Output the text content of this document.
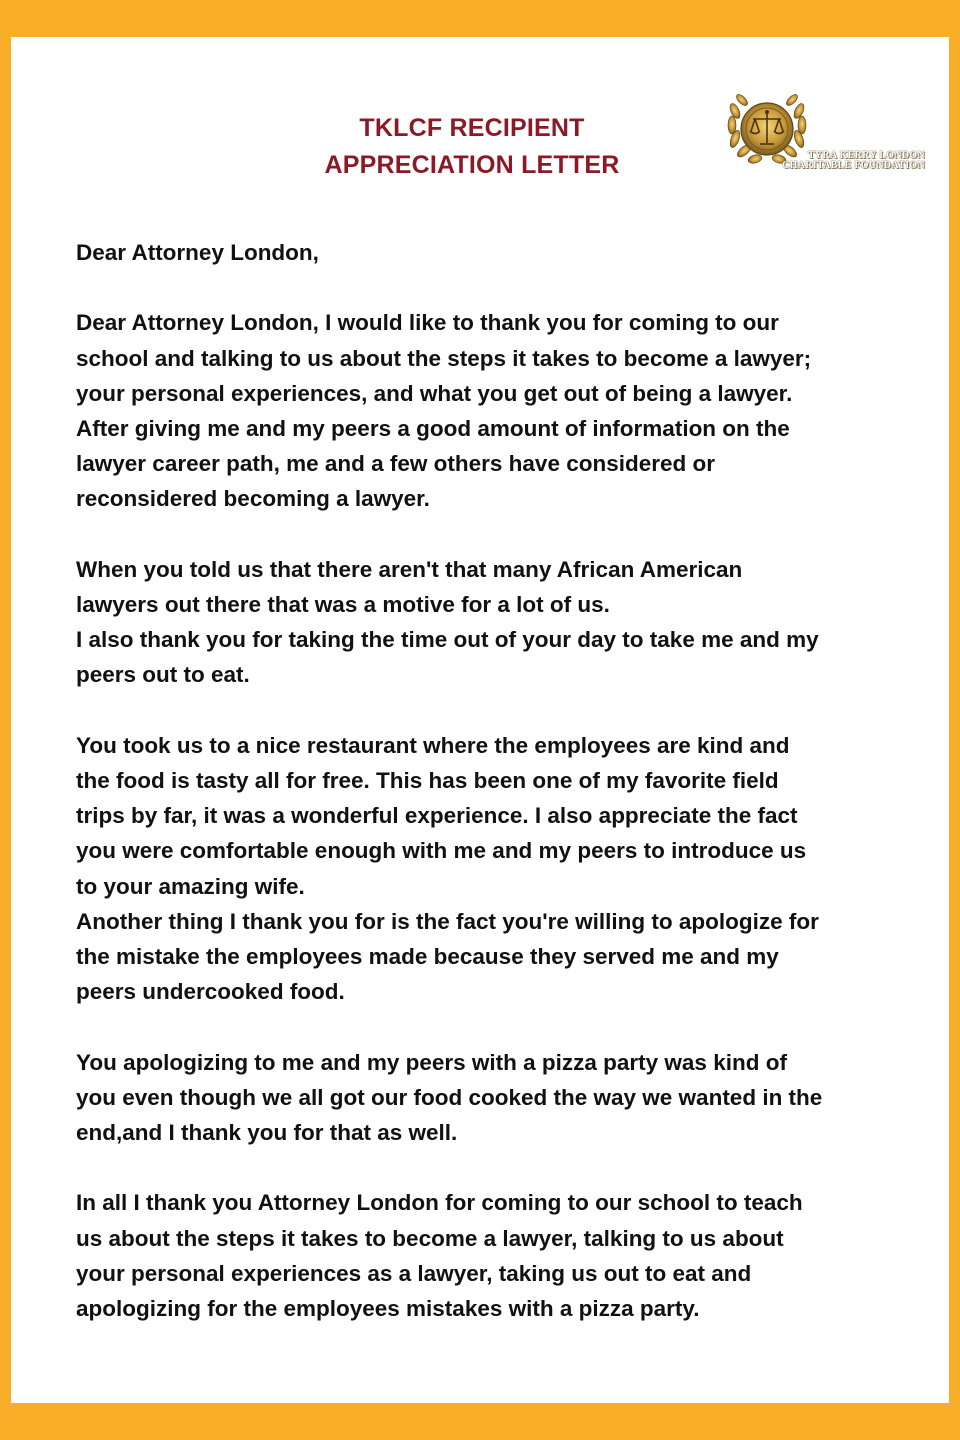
TKLCF RECIPIENT
APPRECIATION LETTER	TYRA KERRY LONDON
CHARITABLE FOUNDATION

Dear Attorney London,

Dear Attorney London, I would like to thank you for coming to our
school and talking to us about the steps it takes to become a lawyer;
your personal experiences, and what you get out of being a lawyer.
After giving me and my peers a good amount of information on the
lawyer career path, me and a few others have considered or
reconsidered becoming a lawyer.

When you told us that there aren't that many African American
lawyers out there that was a motive for a lot of us.
I also thank you for taking the time out of your day to take me and my
peers out to eat.

You took us to a nice restaurant where the employees are kind and
the food is tasty all for free. This has been one of my favorite field
trips by far, it was a wonderful experience. I also appreciate the fact
you were comfortable enough with me and my peers to introduce us
to your amazing wife.
Another thing I thank you for is the fact you're willing to apologize for
the mistake the employees made because they served me and my
peers undercooked food.

You apologizing to me and my peers with a pizza party was kind of
you even though we all got our food cooked the way we wanted in the
end,and I thank you for that as well.

In all I thank you Attorney London for coming to our school to teach
us about the steps it takes to become a lawyer, talking to us about
your personal experiences as a lawyer, taking us out to eat and
apologizing for the employees mistakes with a pizza party.
